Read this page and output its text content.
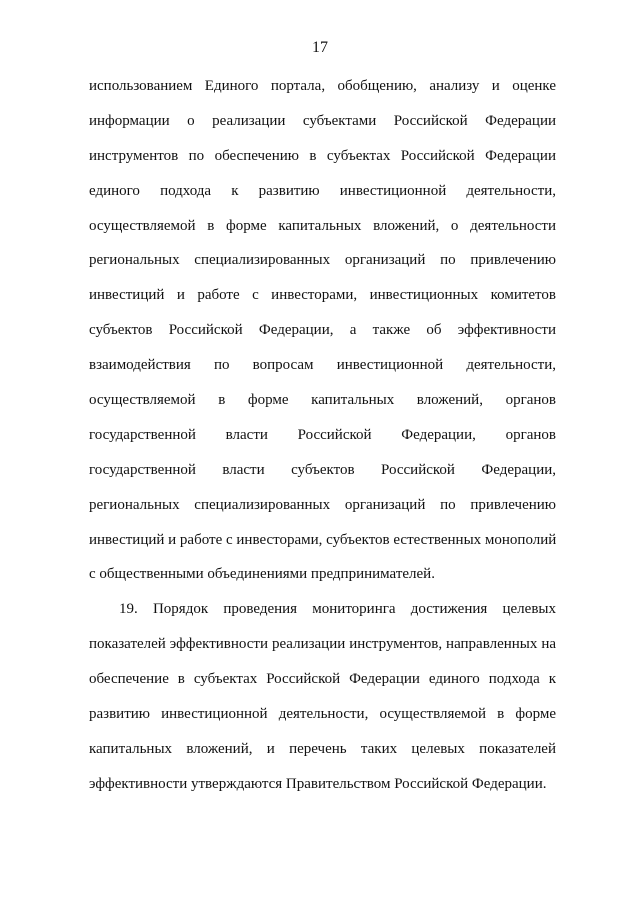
17
использованием Единого портала, обобщению, анализу и оценке
информации о реализации субъектами Российской Федерации
инструментов по обеспечению в субъектах Российской Федерации
единого подхода к развитию инвестиционной деятельности,
осуществляемой в форме капитальных вложений, о деятельности
региональных специализированных организаций по привлечению
инвестиций и работе с инвесторами, инвестиционных комитетов
субъектов Российской Федерации, а также об эффективности
взаимодействия по вопросам инвестиционной деятельности,
осуществляемой в форме капитальных вложений, органов
государственной власти Российской Федерации, органов
государственной власти субъектов Российской Федерации,
региональных специализированных организаций по привлечению
инвестиций и работе с инвесторами, субъектов естественных монополий
с общественными объединениями предпринимателей.
19. Порядок проведения мониторинга достижения целевых
показателей эффективности реализации инструментов, направленных на
обеспечение в субъектах Российской Федерации единого подхода к
развитию инвестиционной деятельности, осуществляемой в форме
капитальных вложений, и перечень таких целевых показателей
эффективности утверждаются Правительством Российской Федерации.
